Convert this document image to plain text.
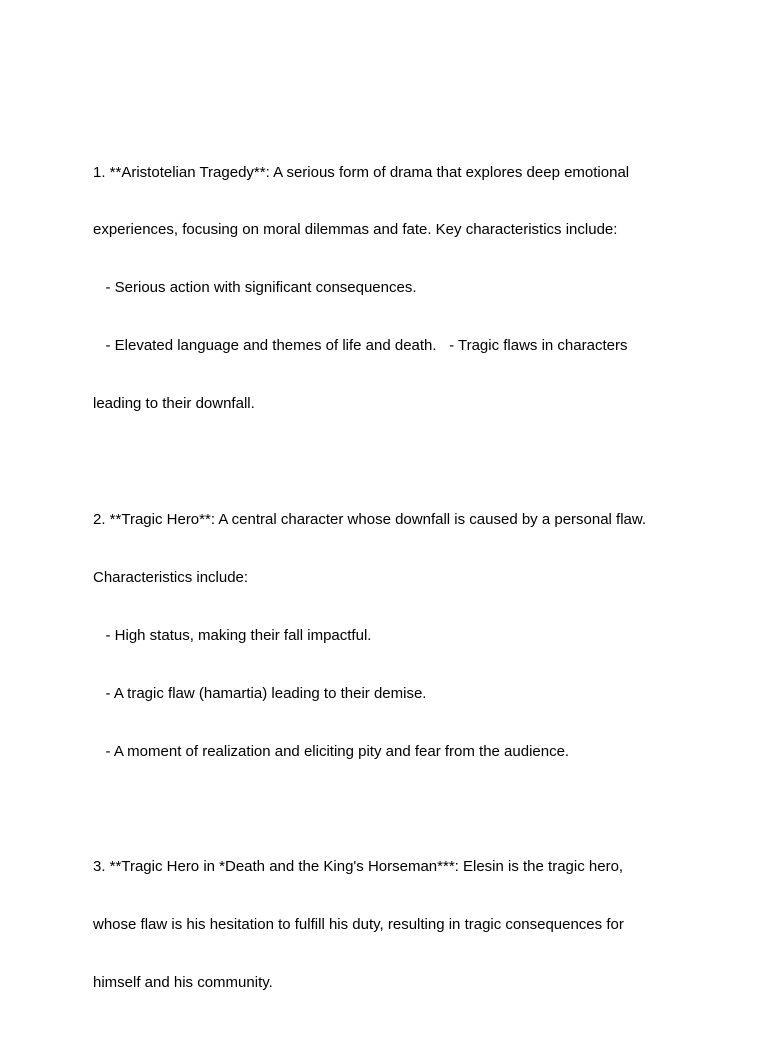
1. **Aristotelian Tragedy**: A serious form of drama that explores deep emotional

experiences, focusing on moral dilemmas and fate. Key characteristics include:

- Serious action with significant consequences.

- Elevated language and themes of life and death.   - Tragic flaws in characters

leading to their downfall.

2. **Tragic Hero**: A central character whose downfall is caused by a personal flaw.

Characteristics include:

- High status, making their fall impactful.

- A tragic flaw (hamartia) leading to their demise.

- A moment of realization and eliciting pity and fear from the audience.

3. **Tragic Hero in *Death and the King's Horseman***: Elesin is the tragic hero,

whose flaw is his hesitation to fulfill his duty, resulting in tragic consequences for

himself and his community.
